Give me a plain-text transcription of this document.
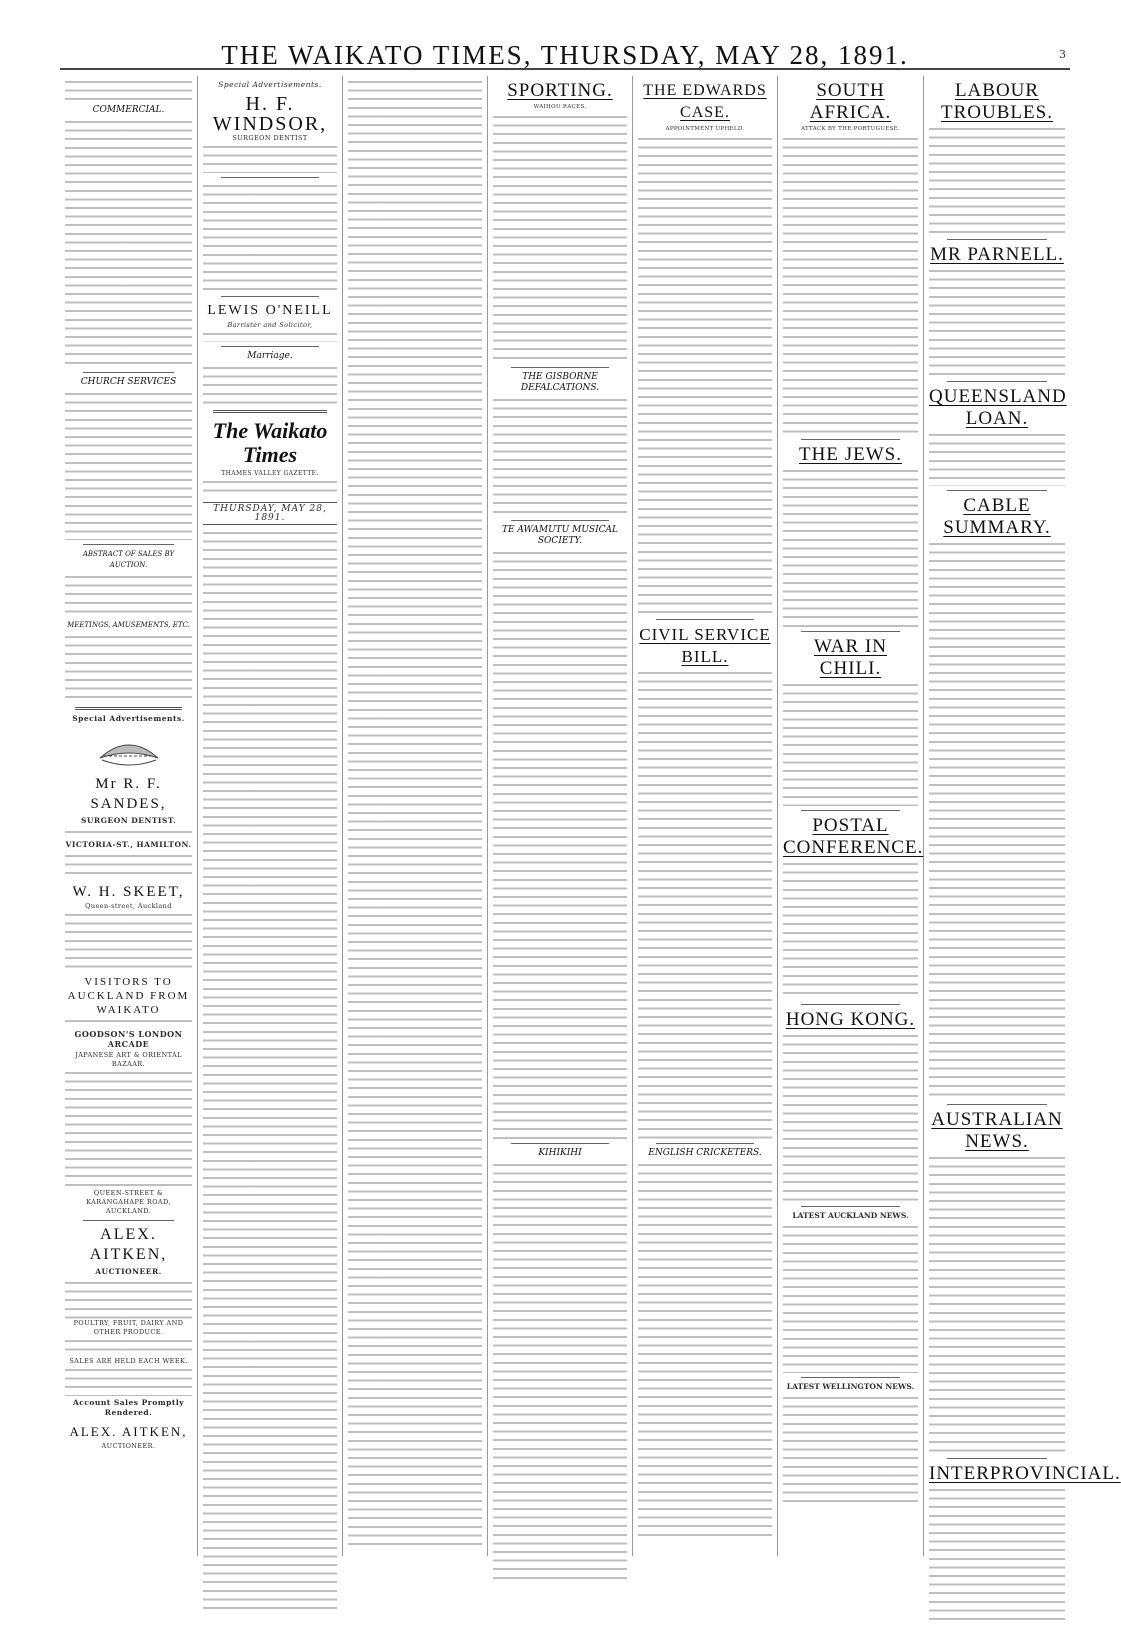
THE WAIKATO TIMES, THURSDAY, MAY 28, 1891.	3
COMMERCIAL.
CHURCH SERVICES
ABSTRACT OF SALES BY AUCTION.
MEETINGS, AMUSEMENTS, ETC.
Special Advertisements.
Mr R. F. SANDES,
SURGEON DENTIST.
VICTORIA-ST., HAMILTON.
W. H. SKEET,
Queen-street, Auckland
VISITORS TO AUCKLAND FROM WAIKATO
GOODSON'S LONDON ARCADE
JAPANESE ART & ORIENTAL BAZAAR.
QUEEN-STREET & KARANGAHAPE ROAD, AUCKLAND.
ALEX. AITKEN,
AUCTIONEER.
POULTRY, FRUIT, DAIRY AND OTHER PRODUCE.
SALES ARE HELD EACH WEEK.
Account Sales Promptly Rendered.
ALEX. AITKEN,
AUCTIONEER.
Special Advertisements.
H. F. WINDSOR,
SURGEON DENTIST
LEWIS O'NEILL
Barrister and Solicitor,
Marriage.
The Waikato Times
THAMES VALLEY GAZETTE.
THURSDAY, MAY 28, 1891.
SPORTING.
WAIHOU RACES.
THE GISBORNE DEFALCATIONS.
TE AWAMUTU MUSICAL SOCIETY.
KIHIKIHI
THE EDWARDS CASE.
APPOINTMENT UPHELD.
CIVIL SERVICE BILL.
ENGLISH CRICKETERS.
SOUTH AFRICA.
ATTACK BY THE PORTUGUESE.
THE JEWS.
WAR IN CHILI.
POSTAL CONFERENCE.
HONG KONG.
LATEST AUCKLAND NEWS.
LATEST WELLINGTON NEWS.
LABOUR TROUBLES.
MR PARNELL.
QUEENSLAND LOAN.
CABLE SUMMARY.
AUSTRALIAN NEWS.
INTERPROVINCIAL.
